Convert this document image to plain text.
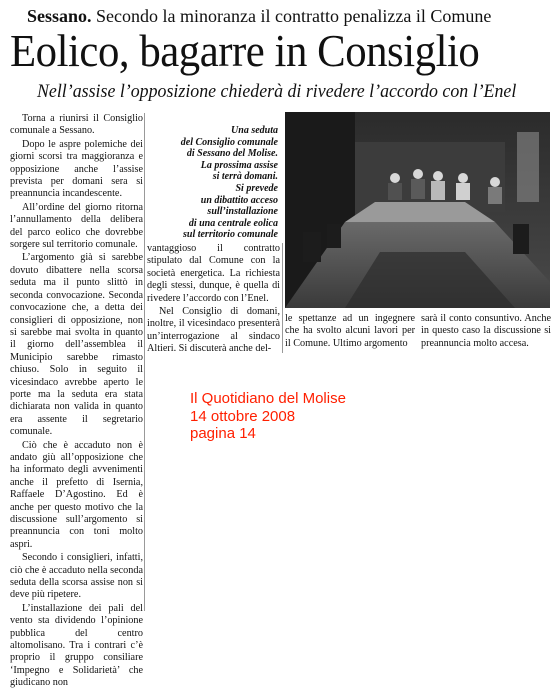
Sessano. Secondo la minoranza il contratto penalizza il Comune
Eolico, bagarre in Consiglio
Nell’assise l’opposizione chiederà di rivedere l’accordo con l’Enel

Torna a riunirsi il Consiglio comunale a Sessano.

Dopo le aspre polemiche dei giorni scorsi tra maggioranza e opposizione anche l’assise prevista per domani sera si preannuncia incandescente.

All’ordine del giorno ritorna l’annullamento della delibera del parco eolico che dovrebbe sorgere sul territorio comunale.

L’argomento già si sarebbe dovuto dibattere nella scorsa seduta ma il punto slittò in seconda convocazione. Seconda convocazione che, a detta dei consiglieri di opposizione, non si sarebbe mai svolta in quanto il giorno dell’assemblea il Municipio sarebbe rimasto chiuso. Solo in seguito il vicesindaco avrebbe aperto le porte ma la seduta era stata dichiarata non valida in quanto era assente il segretario comunale.

Ciò che è accaduto non è andato giù all’opposizione che ha informato degli avvenimenti anche il prefetto di Isernia, Raffaele D’Agostino. Ed è anche per questo motivo che la discussione sull’argomento si preannuncia con toni molto aspri.

Secondo i consiglieri, infatti, ciò che è accaduto nella seconda seduta della scorsa assise non si deve più ripetere.

L’installazione dei pali del vento sta dividendo l’opinione pubblica del centro altomolisano. Tra i contrari c’è proprio il gruppo consiliare ‘Impegno e Solidarietà’ che giudicano non

Una seduta
del Consiglio comunale
di Sessano del Molise.
La prossima assise
si terrà domani.
Si prevede
un dibattito acceso
sull’installazione
di una centrale eolica
sul territorio comunale

vantaggioso il contratto stipulato dal Comune con la società energetica. La richiesta degli stessi, dunque, è quella di rivedere l’accordo con l’Enel.

Nel Consiglio di domani, inoltre, il vicesindaco presenterà un’interrogazione al sindaco Altieri. Si discuterà anche del-

le spettanze ad un ingegnere che ha svolto alcuni lavori per il Comune. Ultimo argomento

sarà il conto consuntivo. Anche in questo caso la discussione si preannuncia molto accesa.

Il Quotidiano del Molise
14 ottobre 2008
pagina 14
